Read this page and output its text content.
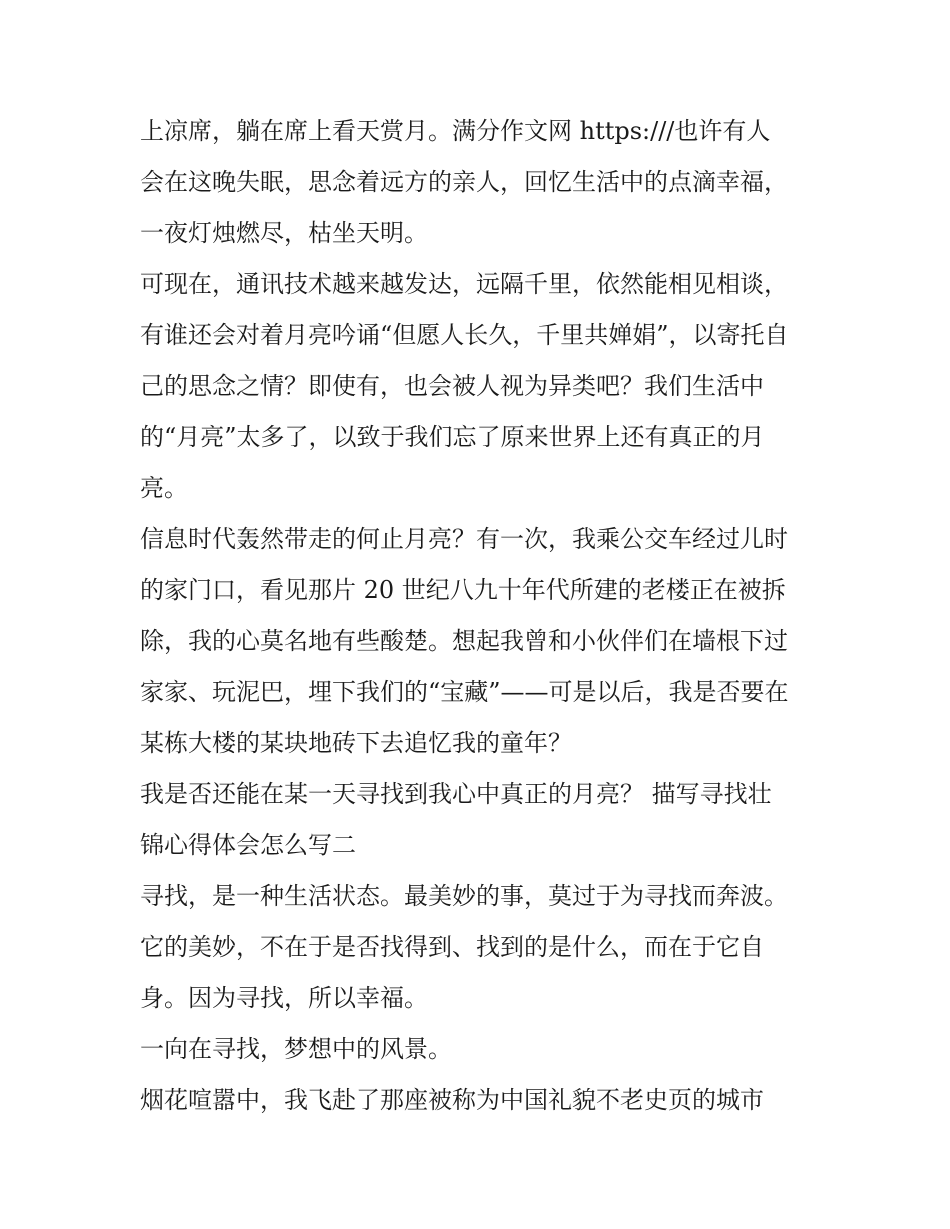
上凉席，躺在席上看天赏月。满分作文网 https:///也许有人
会在这晚失眠，思念着远方的亲人，回忆生活中的点滴幸福，
一夜灯烛燃尽，枯坐天明。
可现在，通讯技术越来越发达，远隔千里，依然能相见相谈，
有谁还会对着月亮吟诵“但愿人长久，千里共婵娟”，以寄托自
己的思念之情？即使有，也会被人视为异类吧？我们生活中
的“月亮”太多了，以致于我们忘了原来世界上还有真正的月
亮。
信息时代轰然带走的何止月亮？有一次，我乘公交车经过儿时
的家门口，看见那片 20 世纪八九十年代所建的老楼正在被拆
除，我的心莫名地有些酸楚。想起我曾和小伙伴们在墙根下过
家家、玩泥巴，埋下我们的“宝藏”——可是以后，我是否要在
某栋大楼的某块地砖下去追忆我的童年？
我是否还能在某一天寻找到我心中真正的月亮？ 描写寻找壮
锦心得体会怎么写二
寻找，是一种生活状态。最美妙的事，莫过于为寻找而奔波。
它的美妙，不在于是否找得到、找到的是什么，而在于它自
身。因为寻找，所以幸福。
一向在寻找，梦想中的风景。
烟花喧嚣中，我飞赴了那座被称为中国礼貌不老史页的城市
